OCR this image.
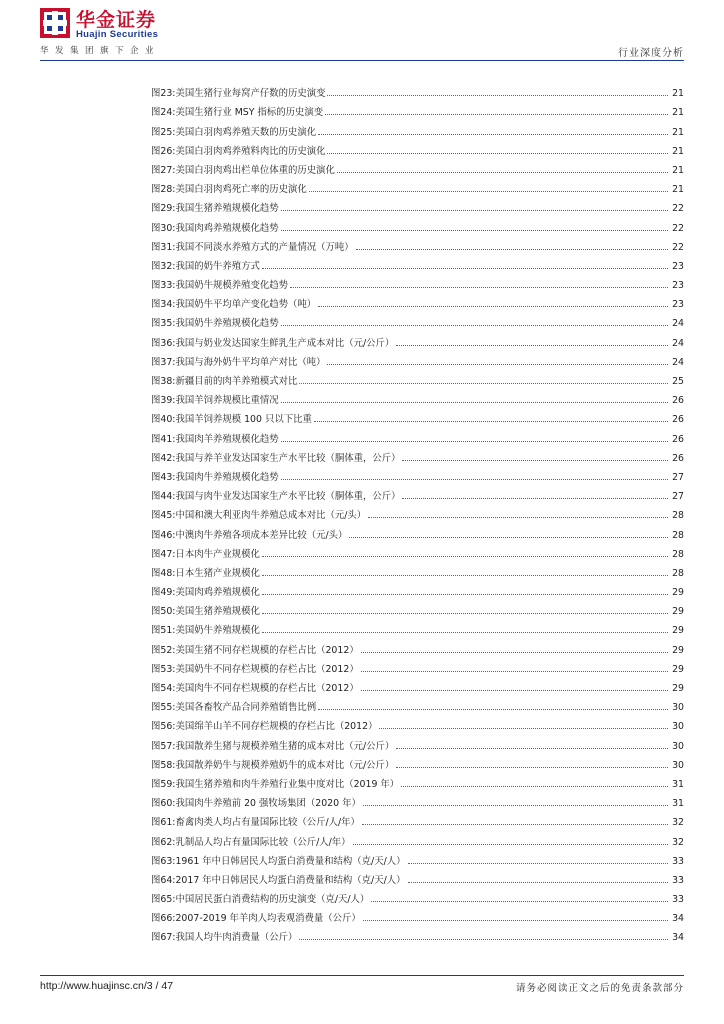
华金证券
Huajin Securities
华发集团旗下企业	行业深度分析
图23: 美国生猪行业每窝产仔数的历史演变	21
图24: 美国生猪行业 MSY 指标的历史演变	21
图25: 美国白羽肉鸡养殖天数的历史演化	21
图26: 美国白羽肉鸡养殖料肉比的历史演化	21
图27: 美国白羽肉鸡出栏单位体重的历史演化	21
图28: 美国白羽肉鸡死亡率的历史演化	21
图29: 我国生猪养殖规模化趋势	22
图30: 我国肉鸡养殖规模化趋势	22
图31: 我国不同淡水养殖方式的产量情况（万吨）	22
图32: 我国的奶牛养殖方式	23
图33: 我国奶牛规模养殖变化趋势	23
图34: 我国奶牛平均单产变化趋势（吨）	23
图35: 我国奶牛养殖规模化趋势	24
图36: 我国与奶业发达国家生鲜乳生产成本对比（元/公斤）	24
图37: 我国与海外奶牛平均单产对比（吨）	24
图38: 新疆目前的肉羊养殖模式对比	25
图39: 我国羊饲养规模比重情况	26
图40: 我国羊饲养规模 100 只以下比重	26
图41: 我国肉羊养殖规模化趋势	26
图42: 我国与养羊业发达国家生产水平比较（胴体重，公斤）	26
图43: 我国肉牛养殖规模化趋势	27
图44: 我国与肉牛业发达国家生产水平比较（胴体重，公斤）	27
图45: 中国和澳大利亚肉牛养殖总成本对比（元/头）	28
图46: 中澳肉牛养殖各项成本差异比较（元/头）	28
图47: 日本肉牛产业规模化	28
图48: 日本生猪产业规模化	28
图49: 美国肉鸡养殖规模化	29
图50: 美国生猪养殖规模化	29
图51: 美国奶牛养殖规模化	29
图52: 美国生猪不同存栏规模的存栏占比（2012）	29
图53: 美国奶牛不同存栏规模的存栏占比（2012）	29
图54: 美国肉牛不同存栏规模的存栏占比（2012）	29
图55: 美国各畜牧产品合同养殖销售比例	30
图56: 美国绵羊山羊不同存栏规模的存栏占比（2012）	30
图57: 我国散养生猪与规模养殖生猪的成本对比（元/公斤）	30
图58: 我国散养奶牛与规模养殖奶牛的成本对比（元/公斤）	30
图59: 我国生猪养殖和肉牛养殖行业集中度对比（2019 年）	31
图60: 我国肉牛养殖前 20 强牧场集团（2020 年）	31
图61: 畜禽肉类人均占有量国际比较（公斤/人/年）	32
图62: 乳制品人均占有量国际比较（公斤/人/年）	32
图63: 1961 年中日韩居民人均蛋白消费量和结构（克/天/人）	33
图64: 2017 年中日韩居民人均蛋白消费量和结构（克/天/人）	33
图65: 中国居民蛋白消费结构的历史演变（克/天/人）	33
图66: 2007-2019 年羊肉人均表观消费量（公斤）	34
图67: 我国人均牛肉消费量（公斤）	34
http://www.huajinsc.cn/3 / 47	请务必阅读正文之后的免责条款部分
